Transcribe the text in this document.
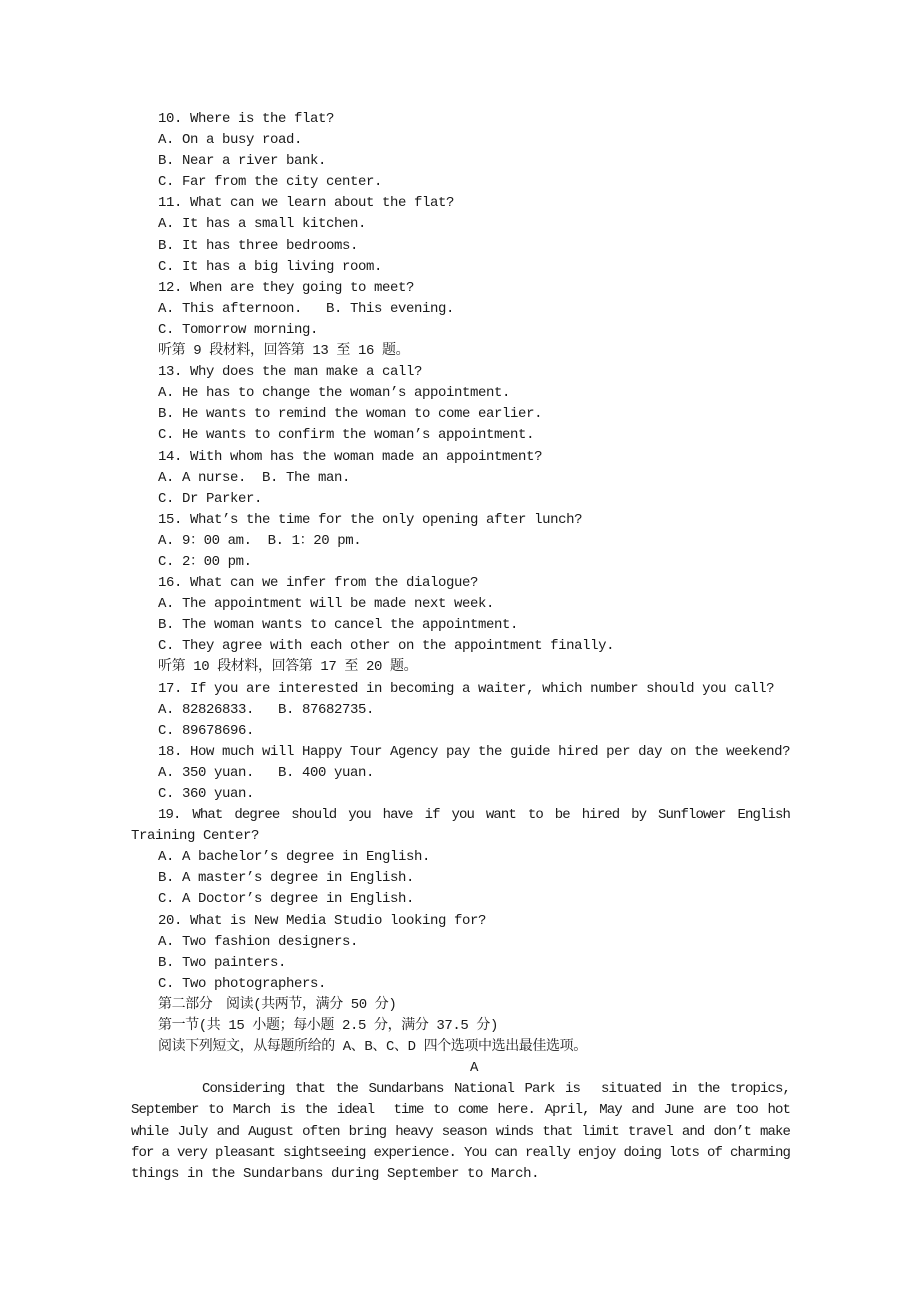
10. Where is the flat?
A. On a busy road.
B. Near a river bank.
C. Far from the city center.
11. What can we learn about the flat?
A. It has a small kitchen.
B. It has three bedrooms.
C. It has a big living room.
12. When are they going to meet?
A. This afternoon.   B. This evening.
C. Tomorrow morning.
听第 9 段材料，回答第 13 至 16 题。
13. Why does the man make a call?
A. He has to change the woman’s appointment.
B. He wants to remind the woman to come earlier.
C. He wants to confirm the woman’s appointment.
14. With whom has the woman made an appointment?
A. A nurse.  B. The man.
C. Dr Parker.
15. What’s the time for the only opening after lunch?
A. 9：00 am.  B. 1：20 pm.
C. 2：00 pm.
16. What can we infer from the dialogue?
A. The appointment will be made next week.
B. The woman wants to cancel the appointment.
C. They agree with each other on the appointment finally.
听第 10 段材料，回答第 17 至 20 题。
17. If you are interested in becoming a waiter, which number should you call?
A. 82826833.   B. 87682735.
C. 89678696.
18. How much will Happy Tour Agency pay the guide hired per day on the weekend?
A. 350 yuan.   B. 400 yuan.
C. 360 yuan.
19. What degree should you have if you want to be hired by Sunflower English
Training Center?
A. A bachelor’s degree in English.
B. A master’s degree in English.
C. A Doctor’s degree in English.
20. What is New Media Studio looking for?
A. Two fashion designers.
B. Two painters.
C. Two photographers.
第二部分　阅读(共两节，满分 50 分)
第一节(共 15 小题；每小题 2.5 分，满分 37.5 分)
阅读下列短文，从每题所给的 A、B、C、D 四个选项中选出最佳选项。
A
Considering that the Sundarbans National Park is  situated in the tropics,
September to March is the ideal  time to come here. April, May and June are too hot
while July and August often bring heavy season winds that limit travel and don’t make
for a very pleasant sightseeing experience. You can really enjoy doing lots of charming
things in the Sundarbans during September to March.
